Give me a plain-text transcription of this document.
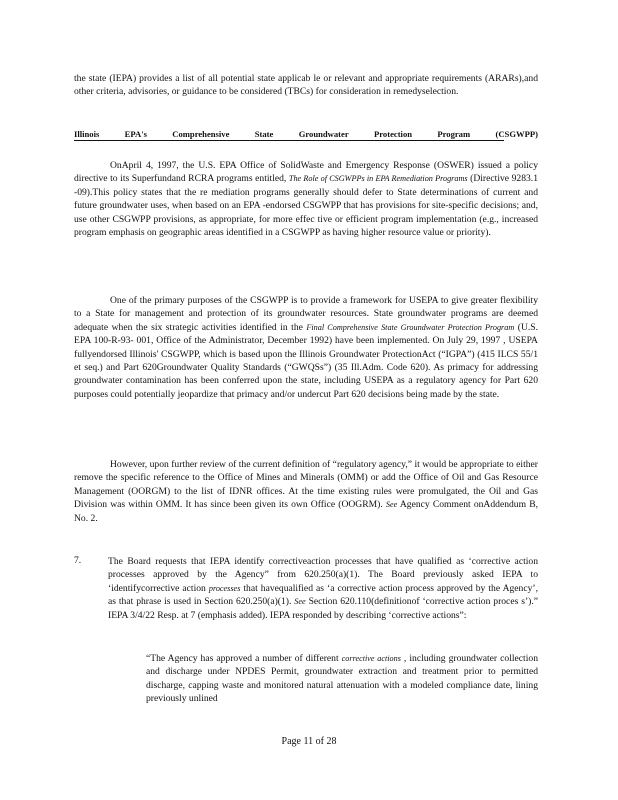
the state (IEPA) provides a list of all potential state applicab le or relevant and appropriate requirements (ARARs),and other criteria, advisories, or guidance to be considered (TBCs) for consideration in remedyselection.

Illinois	EPA's	Comprehensive	State	Groundwater	Protection	Program	(CSGWPP)

OnApril 4, 1997, the U.S. EPA Office of SolidWaste and Emergency Response (OSWER) issued a policy directive to its Superfundand RCRA programs entitled, The Role of CSGWPPs in EPA Remediation Programs (Directive 9283.1 -09).This policy states that the re mediation programs generally should defer to State determinations of current and future groundwater uses, when based on an EPA -endorsed CSGWPP that has provisions for site-specific decisions; and, use other CSGWPP provisions, as appropriate, for more effec tive or efficient program implementation (e.g., increased program emphasis on geographic areas identified in a CSGWPP as having higher resource value or priority).

One of the primary purposes of the CSGWPP is to provide a framework for USEPA to give greater flexibility to a State for management and protection of its groundwater resources. State groundwater programs are deemed adequate when the six strategic activities identified in the Final Comprehensive State Groundwater Protection Program (U.S. EPA 100-R-93- 001, Office of the Administrator, December 1992) have been implemented. On July 29, 1997 , USEPA fullyendorsed Illinois' CSGWPP, which is based upon the Illinois Groundwater ProtectionAct (“IGPA”) (415 ILCS 55/1 et seq.) and Part 620Groundwater Quality Standards (“GWQSs”) (35 Ill.Adm. Code 620). As primacy for addressing groundwater contamination has been conferred upon the state, including USEPA as a regulatory agency for Part 620 purposes could potentially jeopardize that primacy and/or undercut Part 620 decisions being made by the state.

However, upon further review of the current definition of “regulatory agency,” it would be appropriate to either remove the specific reference to the Office of Mines and Minerals (OMM) or add the Office of Oil and Gas Resource Management (OORGM) to the list of IDNR offices. At the time existing rules were promulgated, the Oil and Gas Division was within OMM. It has since been given its own Office (OOGRM). See Agency Comment onAddendum B, No. 2.

7.	The Board requests that IEPA identify correctiveaction processes that have qualified as ‘corrective action processes approved by the Agency” from 620.250(a)(1). The Board previously asked IEPA to ‘identifycorrective action processes that havequalified as ‘a corrective action process approved by the Agency’, as that phrase is used in Section 620.250(a)(1). See Section 620.110(definitionof ‘corrective action proces s’).” IEPA 3/4/22 Resp. at 7 (emphasis added). IEPA responded by describing ‘corrective actions”:

“The Agency has approved a number of different corrective actions , including groundwater collection and discharge under NPDES Permit, groundwater extraction and treatment prior to permitted discharge, capping waste and monitored natural attenuation with a modeled compliance date, lining previously unlined

Page 11 of 28
